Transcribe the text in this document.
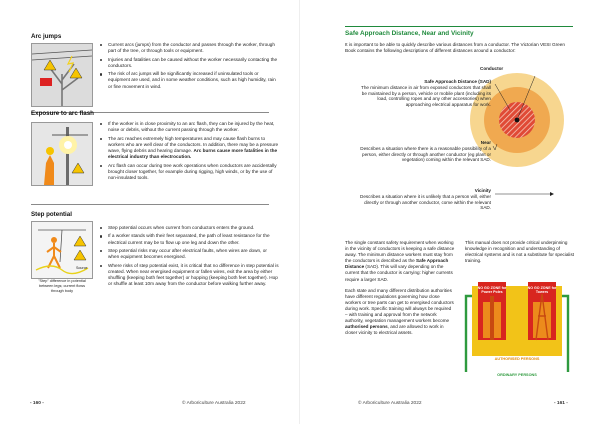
Arc jumps
Current arcs (jumps) from the conductor and passes through the worker, through part of the tree, or through tools or equipment.
Injuries and fatalities can be caused without the worker necessarily contacting the conductors.
The risk of arc jumps will be significantly increased if uninsulated tools or equipment are used, and in some weather conditions, such as high humidity, rain or fine movement in wind.
Exposure to arc flash
If the worker is in close proximity to an arc flash, they can be injured by the heat, noise or debris, without the current passing through the worker.
The arc reaches extremely high temperatures and may cause flash burns to workers who are well clear of the conductors. In addition, there may be a pressure wave, flying debris and hearing damage. Arc burns cause more fatalities in the electrical industry than electrocution.
Arc flash can occur during tree work operations when conductors are accidentally brought closer together, for example during rigging, high winds, or by the use of non-insulated tools.
Step potential
Source
"Step" difference in potential between legs; current flows through body
Step potential occurs when current from conductors enters the ground.
If a worker stands with their feet separated, the path of least resistance for the electrical current may be to flow up one leg and down the other.
Step potential risks may occur after electrical faults, when wires are down, or when equipment becomes energised.
Where risks of step potential exist, it is critical that no difference in step potential is created. When near energised equipment or fallen wires, exit the area by either shuffling (keeping both feet together) or hopping (keeping both feet together). Hop or shuffle at least 10m away from the conductor before walking further away.
- 160 -	© Arboriculture Australia 2022
Safe Approach Distance, Near and Vicinity
It is important to be able to quickly describe various distances from a conductor. The Victorian VESI Green Book contains the following descriptions of different distances around a conductor:
Conductor
Safe Approach Distance (SAD)
The minimum distance in air from exposed conductors that shall be maintained by a person, vehicle or mobile plant (including its load, controlling ropes and any other accessories) when approaching electrical apparatus for work.
Near
Describes a situation where there is a reasonable possibility of a person, either directly or through another conductor (eg plant or vegetation) coming within the relevant SAD.
Vicinity
Describes a situation where it is unlikely that a person will, either directly or through another conductor, come within the relevant SAD.

The single constant safety requirement when working in the vicinity of conductors is keeping a safe distance away. The minimum distance workers must stay from the conductors is described as the Safe Approach Distance (SAD). This will vary depending on the current that the conductor is carrying: higher currents require a larger SAD.

Each state and many different distribution authorities have different regulations governing how close workers or tree parts can get to energised conductors during work. Specific training will always be required – with training and approval from the network authority, vegetation management workers become authorised persons, and are allowed to work in closer vicinity to electrical assets.

This manual does not provide critical underpinning knowledge in recognition and understanding of electrical systems and is not a substitute for specialist training.

NO GO ZONE for Power Poles
NO GO ZONE for Towers
AUTHORISED PERSONS
ORDINARY PERSONS
© Arboriculture Australia 2022	- 161 -
